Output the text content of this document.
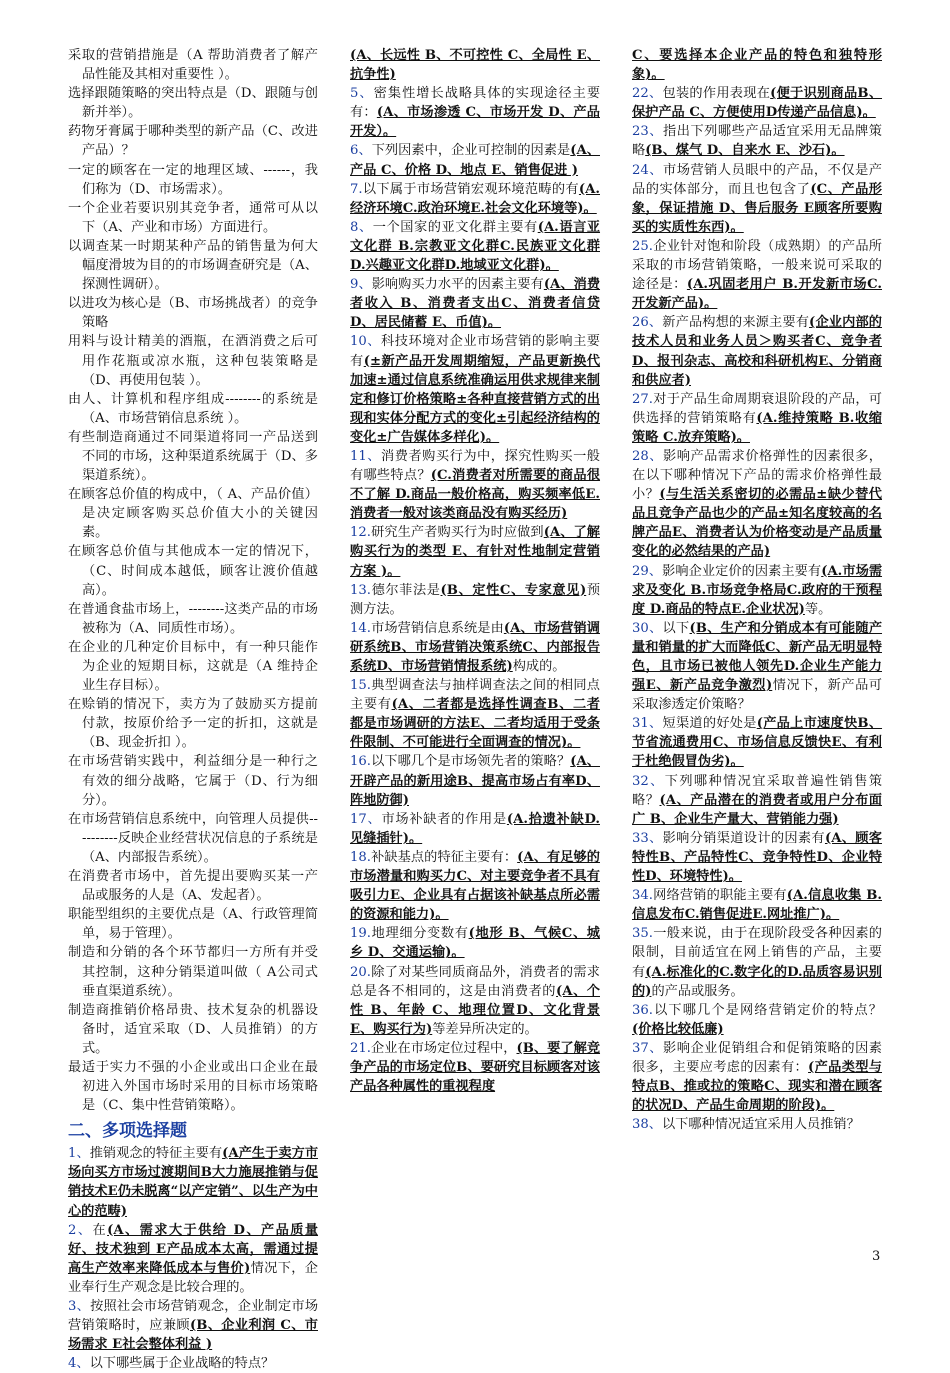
采取的营销措施是（A 帮助消费者了解产品性能及其相对重要性 ）。

选择跟随策略的突出特点是（D、跟随与创新并举）。

药物牙膏属于哪种类型的新产品（C、改进产品）？

一定的顾客在一定的地理区域、------，我们称为（D、市场需求）。

一个企业若要识别其竞争者，通常可从以下（A、产业和市场）方面进行。

以调查某一时期某种产品的销售量为何大幅度滑坡为目的的市场调查研究是（A、探测性调研）。

以进攻为核心是（B、市场挑战者）的竞争策略

用料与设计精美的酒瓶，在酒消费之后可用作花瓶或凉水瓶，这种包装策略是（D、再使用包装 ）。

由人、计算机和程序组成--------的系统是（A、市场营销信息系统 ）。

有些制造商通过不同渠道将同一产品送到不同的市场，这种渠道系统属于（D、多渠道系统）。

在顾客总价值的构成中，（ A、产品价值）是决定顾客购买总价值大小的关键因素。

在顾客总价值与其他成本一定的情况下，（C、时间成本越低，顾客让渡价值越高）。

在普通食盐市场上，--------这类产品的市场被称为（A、同质性市场）。

在企业的几种定价目标中，有一种只能作为企业的短期目标，这就是（A 维持企业生存目标）。

在赊销的情况下，卖方为了鼓励买方提前付款，按原价给予一定的折扣，这就是（B、现金折扣 ）。

在市场营销实践中，利益细分是一种行之有效的细分战略，它属于（D、行为细分）。

在市场营销信息系统中，向管理人员提供----------反映企业经营状况信息的子系统是（A、内部报告系统）。

在消费者市场中，首先提出要购买某一产品或服务的人是（A、发起者）。

职能型组织的主要优点是（A、行政管理简单，易于管理）。

制造和分销的各个环节都归一方所有并受其控制，这种分销渠道叫做（ A公司式垂直渠道系统）。

制造商推销价格昂贵、技术复杂的机器设备时，适宜采取（D、人员推销）的方式。

最适于实力不强的小企业或出口企业在最初进入外国市场时采用的目标市场策略是（C、集中性营销策略）。

二、多项选择题

1、推销观念的特征主要有(A产生于卖方市场向买方市场过渡期间B大力施展推销与促销技术E仍未脱离“以产定销”、以生产为中心的范畴)

2、在(A、需求大于供给 D、产品质量好、技术独到 E产品成本太高，需通过提高生产效率来降低成本与售价)情况下，企业奉行生产观念是比较合理的。

3、按照社会市场营销观念，企业制定市场营销策略时，应兼顾(B、企业利润 C、市场需求 E社会整体利益 )

4、以下哪些属于企业战略的特点？

(A、长远性 B、不可控性 C、全局性 E、抗争性)

5、密集性增长战略具体的实现途径主要有：(A、市场渗透 C、市场开发 D、产品开发）。

6、下列因素中，企业可控制的因素是(A、产品 C、价格 D、地点 E、销售促进 )

7.以下属于市场营销宏观环境范畴的有(A.经济环境C.政治环境E.社会文化环境等)。

8、一个国家的亚文化群主要有(A.语言亚文化群 B.宗教亚文化群C.民族亚文化群 D.兴趣亚文化群D.地域亚文化群)。

9、影响购买力水平的因素主要有(A、消费者收入 B、消费者支出C、消费者信贷 D、居民储蓄 E、币值)。

10、科技环境对企业市场营销的影响主要有(±新产品开发周期缩短，产品更新换代加速±通过信息系统准确运用供求规律来制定和修订价格策略±各种直接营销方式的出现和实体分配方式的变化±引起经济结构的变化±广告媒体多样化)。

11、消费者购买行为中，探究性购买一般有哪些特点？(C.消费者对所需要的商品很不了解 D.商品一般价格高，购买频率低E.消费者一般对该类商品没有购买经历)

12.研究生产者购买行为时应做到(A、了解购买行为的类型 E、有针对性地制定营销方案 )。

13.德尔菲法是(B、定性C、专家意见)预测方法。

14.市场营销信息系统是由(A、市场营销调研系统B、市场营销决策系统C、内部报告系统D、市场营销情报系统)构成的。

15.典型调查法与抽样调查法之间的相同点主要有(A、二者都是选择性调查B、二者都是市场调研的方法E、二者均适用于受条件限制、不可能进行全面调查的情况)。

16.以下哪几个是市场领先者的策略？(A、开辟产品的新用途B、提高市场占有率D、阵地防御)

17、市场补缺者的作用是(A.拾遗补缺D.见缝插针)。

18.补缺基点的特征主要有：(A、有足够的市场潜量和购买力C、对主要竞争者不具有吸引力E、企业具有占据该补缺基点所必需的资源和能力)。

19.地理细分变数有(地形 B、气候C、城乡 D、交通运输)。

20.除了对某些同质商品外，消费者的需求总是各不相同的，这是由消费者的(A、个性 B、年龄 C、地理位置D、文化背景E、购买行为)等差异所决定的。

21.企业在市场定位过程中，(B、要了解竞争产品的市场定位B、要研究目标顾客对该产品各种属性的重视程度

C、要选择本企业产品的特色和独特形象)。

22、包装的作用表现在(便于识别商品B、保护产品 C、方便使用D传递产品信息)。

23、指出下列哪些产品适宜采用无品牌策略(B、煤气 D、自来水 E、沙石)。

24、市场营销人员眼中的产品，不仅是产品的实体部分，而且也包含了(C、产品形象，保证措施 D、售后服务 E顾客所要购买的实质性东西)。

25.企业针对饱和阶段（成熟期）的产品所采取的市场营销策略，一般来说可采取的途径是：(A.巩固老用户 B.开发新市场C.开发新产品)。

26、新产品构想的来源主要有(企业内部的技术人员和业务人员＞购买者C、竞争者D、报刊杂志、高校和科研机构E、分销商和供应者)

27.对于产品生命周期衰退阶段的产品，可供选择的营销策略有(A.维持策略 B.收缩策略 C.放弃策略)。

28、影响产品需求价格弹性的因素很多，在以下哪种情况下产品的需求价格弹性最小？(与生活关系密切的必需品±缺少替代品且竞争产品也少的产品±知名度较高的名牌产品E、消费者认为价格变动是产品质量变化的必然结果的产品)

29、影响企业定价的因素主要有(A.市场需求及变化 B.市场竞争格局C.政府的干预程度 D.商品的特点E.企业状况)等。

30、以下(B、生产和分销成本有可能随产量和销量的扩大而降低C、新产品无明显特色，且市场已被他人领先D.企业生产能力强E、新产品竞争激烈)情况下，新产品可采取渗透定价策略？

31、短渠道的好处是(产品上市速度快B、节省流通费用C、市场信息反馈快E、有利于杜绝假冒伪劣)。

32、下列哪种情况宜采取普遍性销售策略？(A、产品潜在的消费者或用户分布面广 B、企业生产量大、营销能力强)

33、影响分销渠道设计的因素有(A、顾客特性B、产品特性C、竞争特性D、企业特性D、环境特性)。

34.网络营销的职能主要有(A.信息收集 B.信息发布C.销售促进E.网址推广)。

35.一般来说，由于在现阶段受各种因素的限制，目前适宜在网上销售的产品，主要有(A.标准化的C.数字化的D.品质容易识别的)的产品或服务。

36.以下哪几个是网络营销定价的特点？(价格比较低廉)

37、影响企业促销组合和促销策略的因素很多，主要应考虑的因素有：(产品类型与特点B、推或拉的策略C、现实和潜在顾客的状况D、产品生命周期的阶段)。

38、以下哪种情况适宜采用人员推销？

3
